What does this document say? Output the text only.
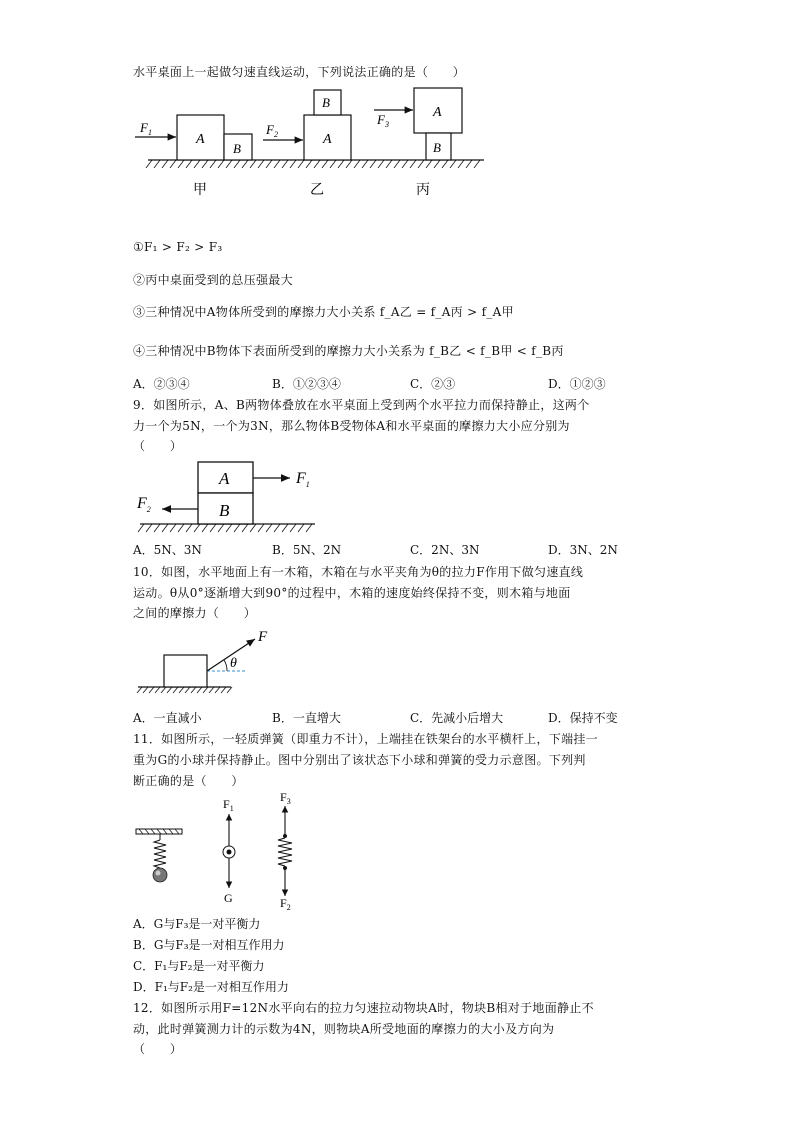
水平桌面上一起做匀速直线运动，下列说法正确的是（　　）
$F_1$	A
B
$F_2$	A
B
$F_3$
A
B
甲	乙	丙
①F₁ > F₂ > F₃
②丙中桌面受到的总压强最大
③三种情况中A物体所受到的摩擦力大小关系 f_A乙 = f_A丙 > f_A甲
④三种情况中B物体下表面所受到的摩擦力大小关系为 f_B乙 < f_B甲 < f_B丙
A．②③④	B．①②③④	C．②③	D．①②③
9．如图所示，A、B两物体叠放在水平桌面上受到两个水平拉力而保持静止，这两个
力一个为5N，一个为3N，那么物体B受物体A和水平桌面的摩擦力大小应分别为
（　　）
A
B
$F_1$
$F_2$
A．5N、3N	B．5N、2N	C．2N、3N	D．3N、2N
10．如图，水平地面上有一木箱，木箱在与水平夹角为θ的拉力F作用下做匀速直线
运动。θ从0°逐渐增大到90°的过程中，木箱的速度始终保持不变，则木箱与地面
之间的摩擦力（　　）
θ
F
A．一直减小	B．一直增大	C．先减小后增大	D．保持不变
11．如图所示，一轻质弹簧（即重力不计），上端挂在铁架台的水平横杆上，下端挂一
重为G的小球并保持静止。图中分别出了该状态下小球和弹簧的受力示意图。下列判
断正确的是（　　）
$F_1$
G
$F_3$
$F_2$
A．G与F₃是一对平衡力
B．G与F₃是一对相互作用力
C．F₁与F₂是一对平衡力
D．F₁与F₂是一对相互作用力
12．如图所示用F=12N水平向右的拉力匀速拉动物块A时，物块B相对于地面静止不
动，此时弹簧测力计的示数为4N，则物块A所受地面的摩擦力的大小及方向为
（　　）
